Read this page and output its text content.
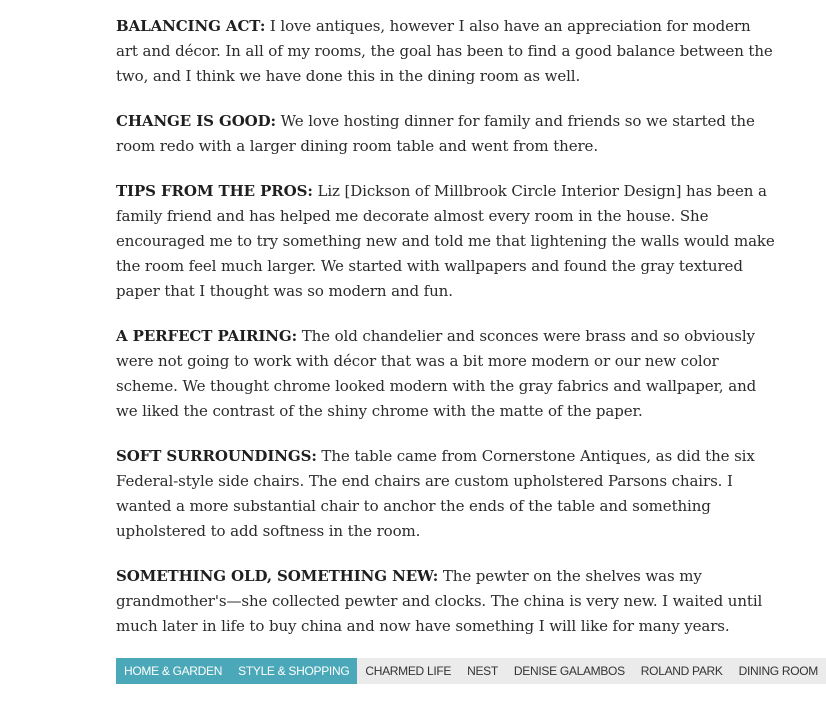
BALANCING ACT: I love antiques, however I also have an appreciation for modern art and décor. In all of my rooms, the goal has been to find a good balance between the two, and I think we have done this in the dining room as well.

CHANGE IS GOOD: We love hosting dinner for family and friends so we started the room redo with a larger dining room table and went from there.

TIPS FROM THE PROS: Liz [Dickson of Millbrook Circle Interior Design] has been a family friend and has helped me decorate almost every room in the house. She encouraged me to try something new and told me that lightening the walls would make the room feel much larger. We started with wallpapers and found the gray textured paper that I thought was so modern and fun.

A PERFECT PAIRING: The old chandelier and sconces were brass and so obviously were not going to work with décor that was a bit more modern or our new color scheme. We thought chrome looked modern with the gray fabrics and wallpaper, and we liked the contrast of the shiny chrome with the matte of the paper.

SOFT SURROUNDINGS: The table came from Cornerstone Antiques, as did the six Federal-style side chairs. The end chairs are custom upholstered Parsons chairs. I wanted a more substantial chair to anchor the ends of the table and something upholstered to add softness in the room.

SOMETHING OLD, SOMETHING NEW: The pewter on the shelves was my grandmother's—she collected pewter and clocks. The china is very new. I waited until much later in life to buy china and now have something I will like for many years.

HOME & GARDEN	STYLE & SHOPPING	CHARMED LIFE	NEST	DENISE GALAMBOS	ROLAND PARK	DINING ROOM
